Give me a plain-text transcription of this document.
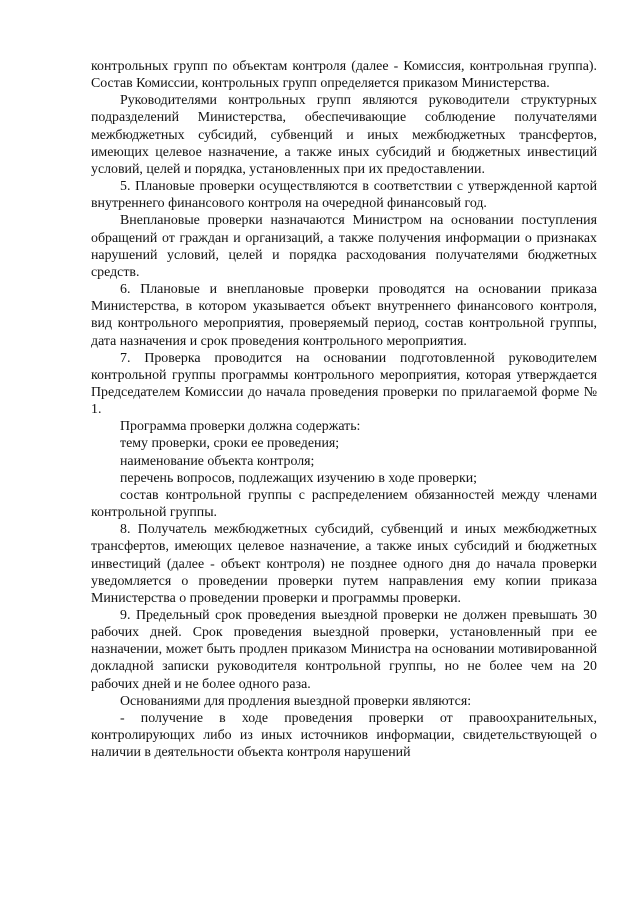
контрольных групп по объектам контроля (далее - Комиссия, контрольная группа). Состав Комиссии, контрольных групп определяется приказом Министерства.

Руководителями контрольных групп являются руководители структурных подразделений Министерства, обеспечивающие соблюдение получателями межбюджетных субсидий, субвенций и иных межбюджетных трансфертов, имеющих целевое назначение, а также иных субсидий и бюджетных инвестиций условий, целей и порядка, установленных при их предоставлении.

5. Плановые проверки осуществляются в соответствии с утвержденной картой внутреннего финансового контроля на очередной финансовый год.

Внеплановые проверки назначаются Министром на основании поступления обращений от граждан и организаций, а также получения информации о признаках нарушений условий, целей и порядка расходования получателями бюджетных средств.

6. Плановые и внеплановые проверки проводятся на основании приказа Министерства, в котором указывается объект внутреннего финансового контроля, вид контрольного мероприятия, проверяемый период, состав контрольной группы, дата назначения и срок проведения контрольного мероприятия.

7. Проверка проводится на основании подготовленной руководителем контрольной группы программы контрольного мероприятия, которая утверждается Председателем Комиссии до начала проведения проверки по прилагаемой форме № 1.

Программа проверки должна содержать:

тему проверки, сроки ее проведения;

наименование объекта контроля;

перечень вопросов, подлежащих изучению в ходе проверки;

состав контрольной группы с распределением обязанностей между членами контрольной группы.

8. Получатель межбюджетных субсидий, субвенций и иных межбюджетных трансфертов, имеющих целевое назначение, а также иных субсидий и бюджетных инвестиций (далее - объект контроля) не позднее одного дня до начала проверки уведомляется о проведении проверки путем направления ему копии приказа Министерства о проведении проверки и программы проверки.

9. Предельный срок проведения выездной проверки не должен превышать 30 рабочих дней. Срок проведения выездной проверки, установленный при ее назначении, может быть продлен приказом Министра на основании мотивированной докладной записки руководителя контрольной группы, но не более чем на 20 рабочих дней и не более одного раза.

Основаниями для продления выездной проверки являются:

- получение в ходе проведения проверки от правоохранительных, контролирующих либо из иных источников информации, свидетельствующей о наличии в деятельности объекта контроля нарушений
